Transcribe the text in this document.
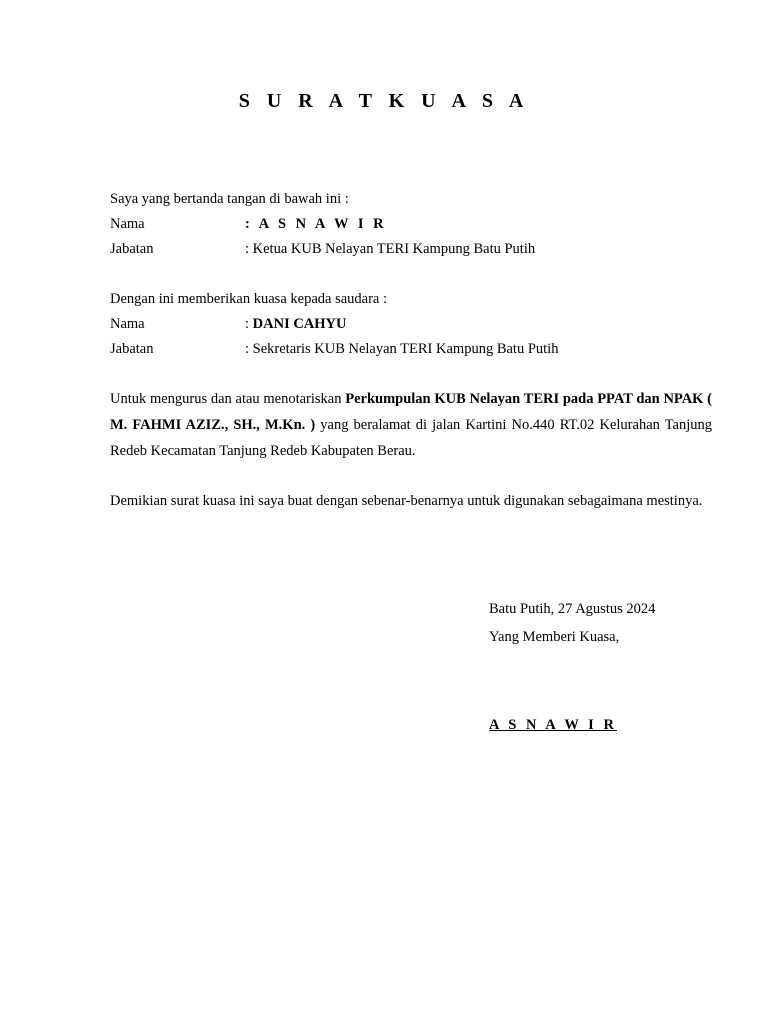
S U R A T K U A S A
Saya yang bertanda tangan di bawah ini :
Nama	: A S N A W I R
Jabatan	: Ketua KUB Nelayan TERI Kampung Batu Putih
Dengan ini memberikan kuasa kepada saudara :
Nama	: DANI CAHYU
Jabatan	: Sekretaris KUB Nelayan TERI Kampung Batu Putih
Untuk mengurus dan atau menotariskan Perkumpulan KUB Nelayan TERI pada PPAT dan NPAK ( M. FAHMI AZIZ., SH., M.Kn. ) yang beralamat di jalan Kartini No.440 RT.02 Kelurahan Tanjung Redeb Kecamatan Tanjung Redeb Kabupaten Berau.
Demikian surat kuasa ini saya buat dengan sebenar-benarnya untuk digunakan sebagaimana mestinya.
Batu Putih, 27 Agustus 2024
Yang Memberi Kuasa,
A S N A W I R
